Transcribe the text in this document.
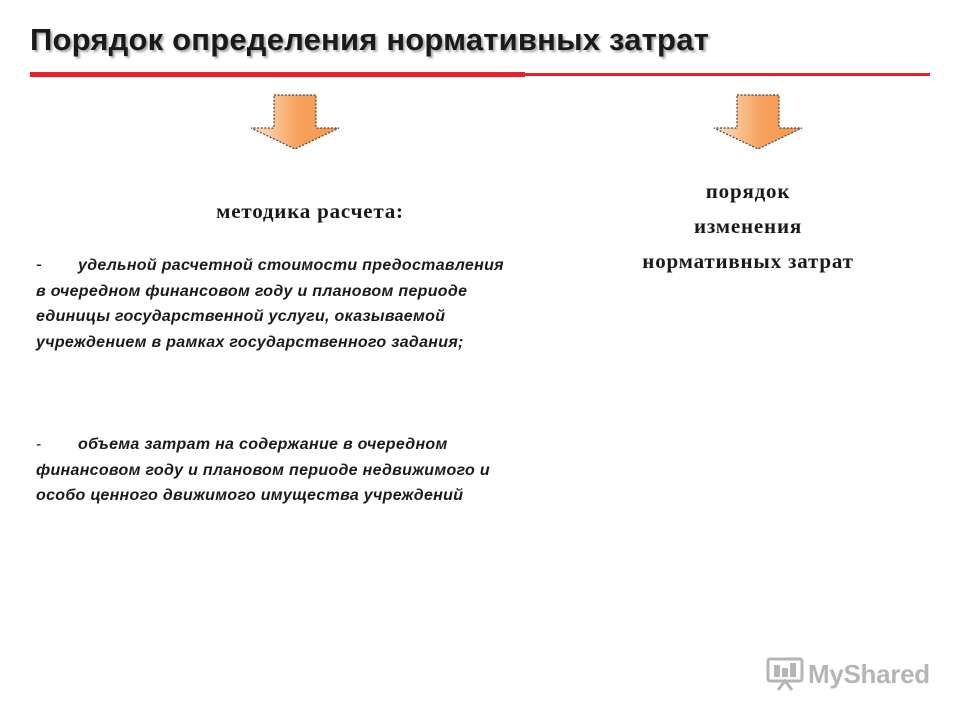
Порядок определения нормативных затрат
методика расчета:
порядок
изменения
нормативных затрат
- удельной расчетной стоимости предоставления в очередном финансовом году и плановом периоде единицы государственной услуги, оказываемой учреждением в рамках государственного задания;
- объема затрат на содержание в очередном финансовом году и плановом периоде недвижимого и особо ценного движимого имущества учреждений
MyShared
